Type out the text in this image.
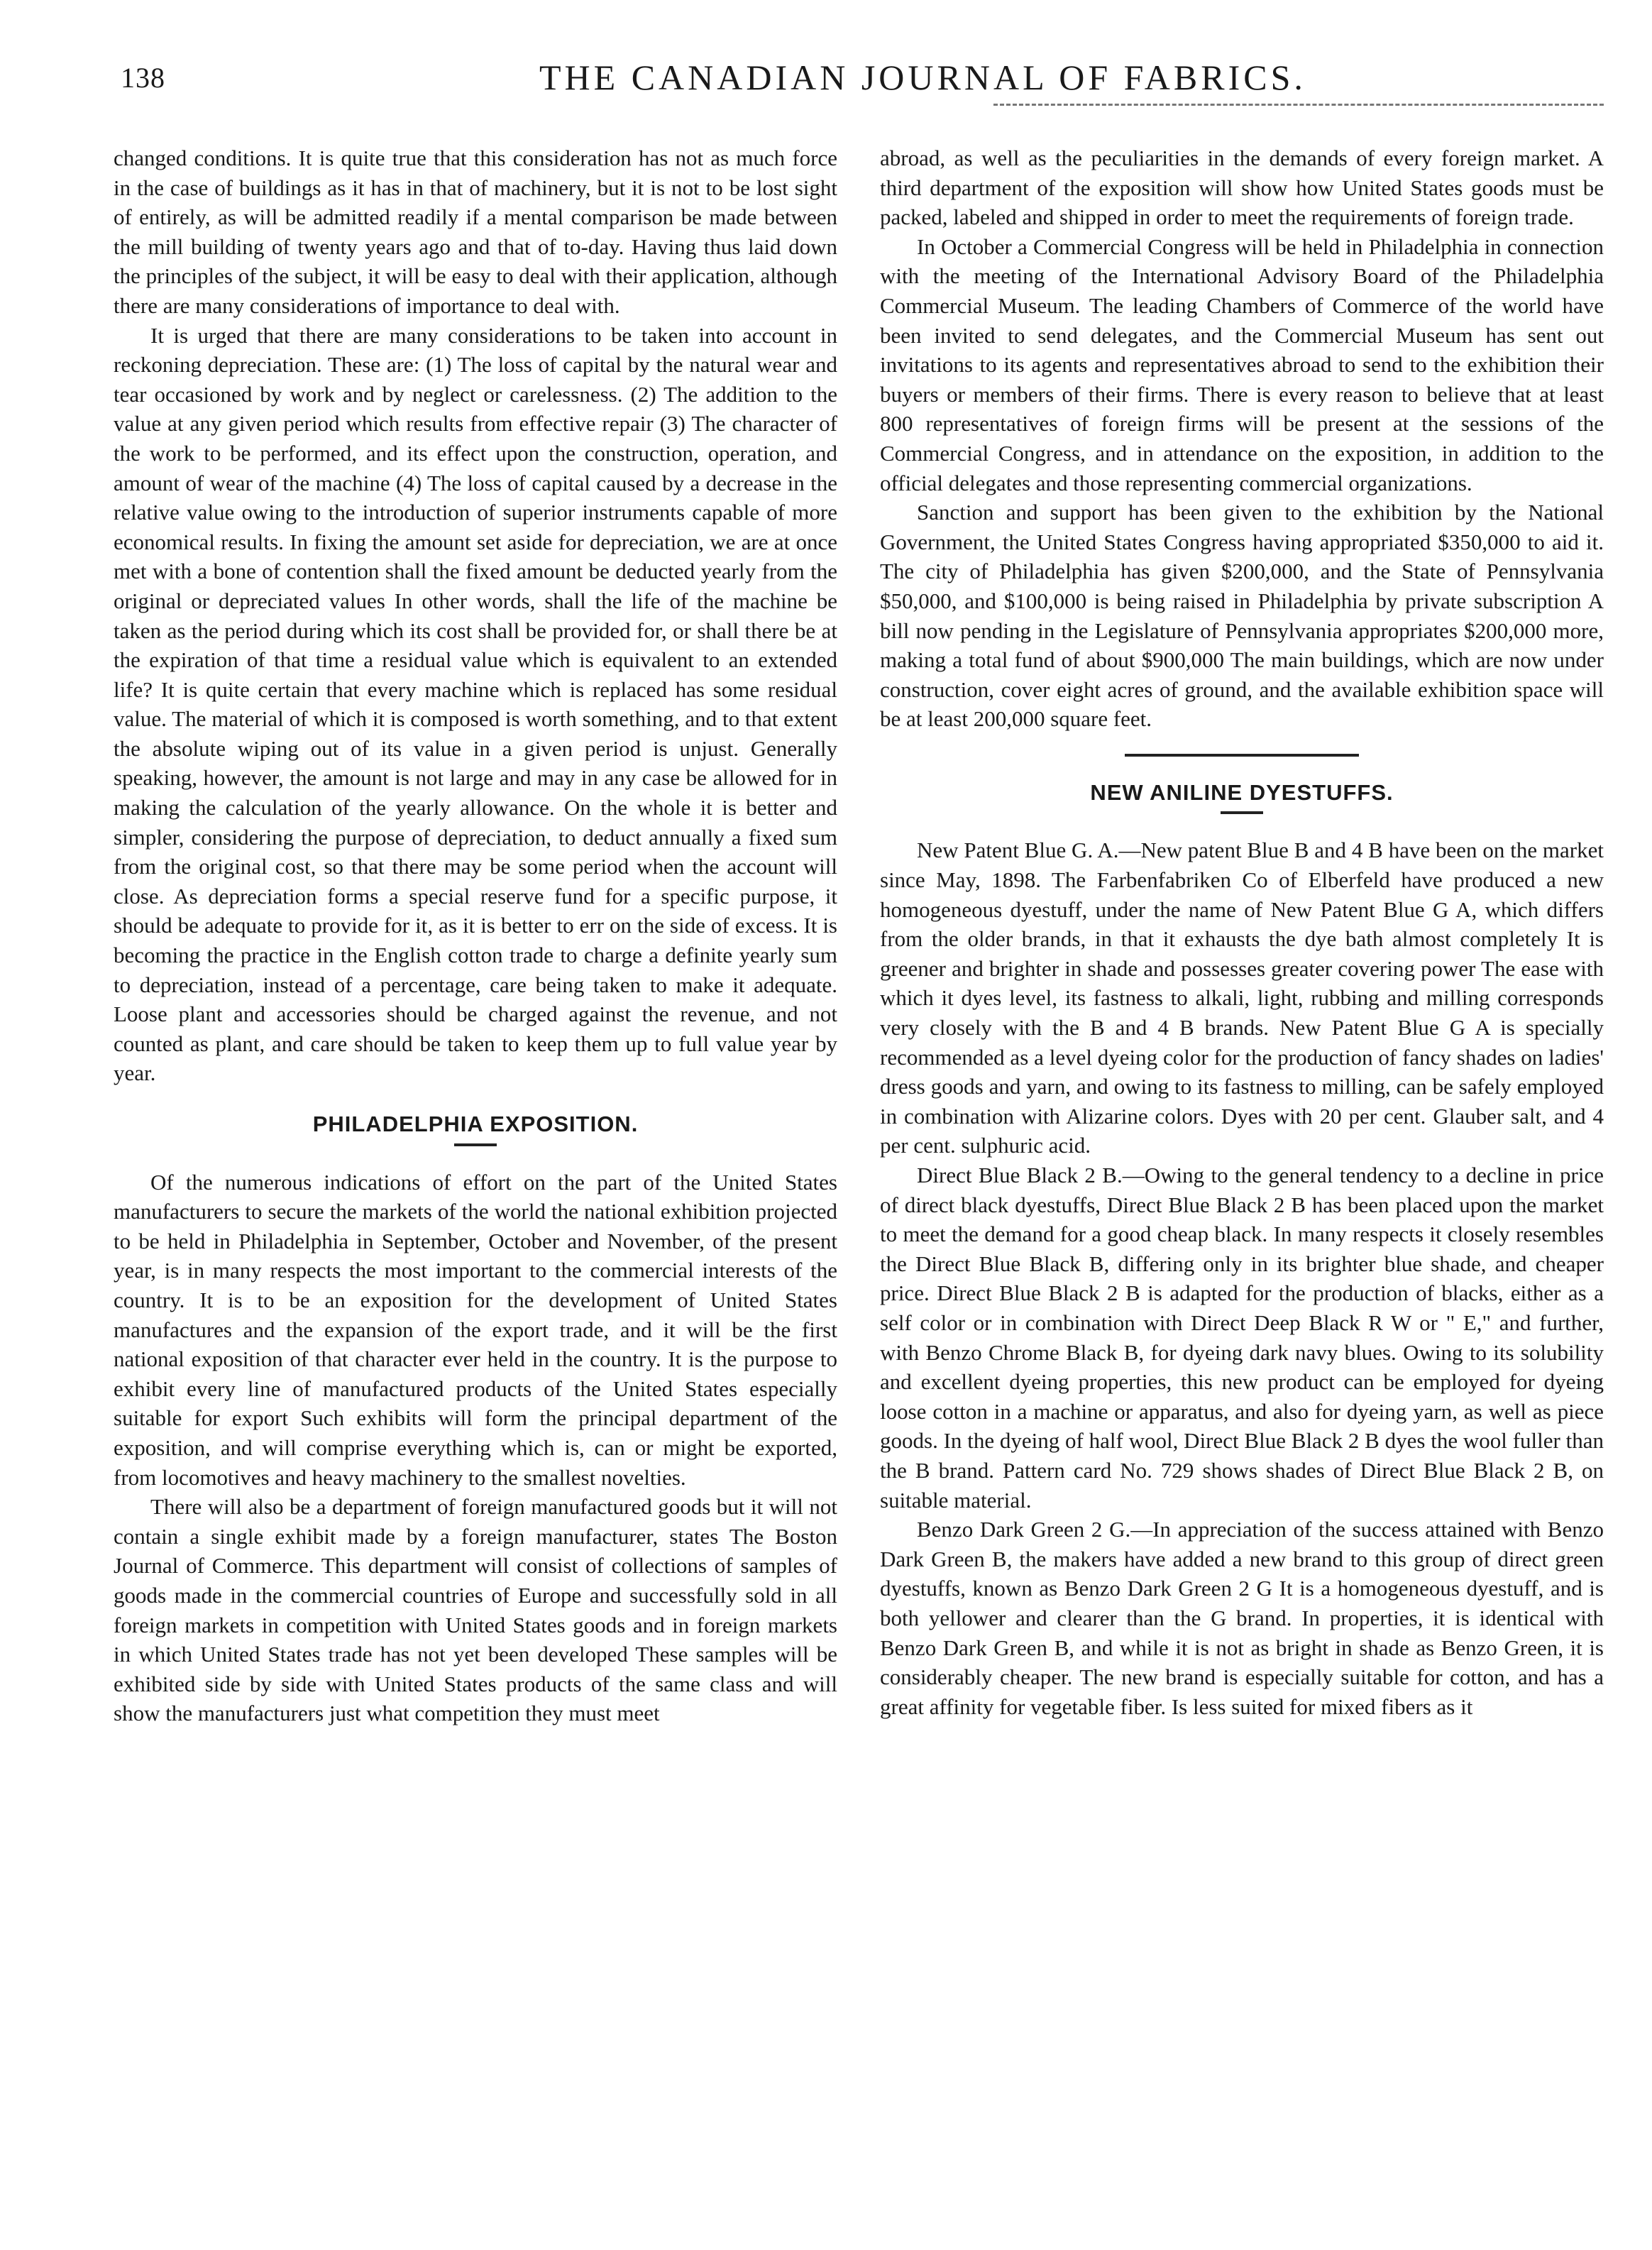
138	THE CANADIAN JOURNAL OF FABRICS.

changed conditions. It is quite true that this consideration has not as much force in the case of buildings as it has in that of machinery, but it is not to be lost sight of entirely, as will be admitted readily if a mental comparison be made between the mill building of twenty years ago and that of to-day. Having thus laid down the principles of the subject, it will be easy to deal with their application, although there are many considerations of importance to deal with.

It is urged that there are many considerations to be taken into account in reckoning depreciation. These are: (1) The loss of capital by the natural wear and tear occasioned by work and by neglect or carelessness. (2) The addition to the value at any given period which results from effective repair (3) The character of the work to be performed, and its effect upon the construction, operation, and amount of wear of the machine (4) The loss of capital caused by a decrease in the relative value owing to the introduction of superior instruments capable of more economical results. In fixing the amount set aside for depreciation, we are at once met with a bone of contention shall the fixed amount be deducted yearly from the original or depreciated values In other words, shall the life of the machine be taken as the period during which its cost shall be provided for, or shall there be at the expiration of that time a residual value which is equivalent to an extended life? It is quite certain that every machine which is replaced has some residual value. The material of which it is composed is worth something, and to that extent the absolute wiping out of its value in a given period is unjust. Generally speaking, however, the amount is not large and may in any case be allowed for in making the calculation of the yearly allowance. On the whole it is better and simpler, considering the purpose of depreciation, to deduct annually a fixed sum from the original cost, so that there may be some period when the account will close. As depreciation forms a special reserve fund for a specific purpose, it should be adequate to provide for it, as it is better to err on the side of excess. It is becoming the practice in the English cotton trade to charge a definite yearly sum to depreciation, instead of a percentage, care being taken to make it adequate. Loose plant and accessories should be charged against the revenue, and not counted as plant, and care should be taken to keep them up to full value year by year.

PHILADELPHIA EXPOSITION.

Of the numerous indications of effort on the part of the United States manufacturers to secure the markets of the world the national exhibition projected to be held in Philadelphia in September, October and November, of the present year, is in many respects the most important to the commercial interests of the country. It is to be an exposition for the development of United States manufactures and the expansion of the export trade, and it will be the first national exposition of that character ever held in the country. It is the purpose to exhibit every line of manufactured products of the United States especially suitable for export Such exhibits will form the principal department of the exposition, and will comprise everything which is, can or might be exported, from locomotives and heavy machinery to the smallest novelties.

There will also be a department of foreign manufactured goods but it will not contain a single exhibit made by a foreign manufacturer, states The Boston Journal of Commerce. This department will consist of collections of samples of goods made in the commercial countries of Europe and successfully sold in all foreign markets in competition with United States goods and in foreign markets in which United States trade has not yet been developed These samples will be exhibited side by side with United States products of the same class and will show the manufacturers just what competition they must meet

abroad, as well as the peculiarities in the demands of every foreign market. A third department of the exposition will show how United States goods must be packed, labeled and shipped in order to meet the requirements of foreign trade.

In October a Commercial Congress will be held in Philadelphia in connection with the meeting of the International Advisory Board of the Philadelphia Commercial Museum. The leading Chambers of Commerce of the world have been invited to send delegates, and the Commercial Museum has sent out invitations to its agents and representatives abroad to send to the exhibition their buyers or members of their firms. There is every reason to believe that at least 800 representatives of foreign firms will be present at the sessions of the Commercial Congress, and in attendance on the exposition, in addition to the official delegates and those representing commercial organizations.

Sanction and support has been given to the exhibition by the National Government, the United States Congress having appropriated $350,000 to aid it. The city of Philadelphia has given $200,000, and the State of Pennsylvania $50,000, and $100,000 is being raised in Philadelphia by private subscription A bill now pending in the Legislature of Pennsylvania appropriates $200,000 more, making a total fund of about $900,000 The main buildings, which are now under construction, cover eight acres of ground, and the available exhibition space will be at least 200,000 square feet.

NEW ANILINE DYESTUFFS.

New Patent Blue G. A.—New patent Blue B and 4 B have been on the market since May, 1898. The Farbenfabriken Co of Elberfeld have produced a new homogeneous dyestuff, under the name of New Patent Blue G A, which differs from the older brands, in that it exhausts the dye bath almost completely It is greener and brighter in shade and possesses greater covering power The ease with which it dyes level, its fastness to alkali, light, rubbing and milling corresponds very closely with the B and 4 B brands. New Patent Blue G A is specially recommended as a level dyeing color for the production of fancy shades on ladies' dress goods and yarn, and owing to its fastness to milling, can be safely employed in combination with Alizarine colors. Dyes with 20 per cent. Glauber salt, and 4 per cent. sulphuric acid.

Direct Blue Black 2 B.—Owing to the general tendency to a decline in price of direct black dyestuffs, Direct Blue Black 2 B has been placed upon the market to meet the demand for a good cheap black. In many respects it closely resembles the Direct Blue Black B, differing only in its brighter blue shade, and cheaper price. Direct Blue Black 2 B is adapted for the production of blacks, either as a self color or in combination with Direct Deep Black R W or " E," and further, with Benzo Chrome Black B, for dyeing dark navy blues. Owing to its solubility and excellent dyeing properties, this new product can be employed for dyeing loose cotton in a machine or apparatus, and also for dyeing yarn, as well as piece goods. In the dyeing of half wool, Direct Blue Black 2 B dyes the wool fuller than the B brand. Pattern card No. 729 shows shades of Direct Blue Black 2 B, on suitable material.

Benzo Dark Green 2 G.—In appreciation of the success attained with Benzo Dark Green B, the makers have added a new brand to this group of direct green dyestuffs, known as Benzo Dark Green 2 G It is a homogeneous dyestuff, and is both yellower and clearer than the G brand. In properties, it is identical with Benzo Dark Green B, and while it is not as bright in shade as Benzo Green, it is considerably cheaper. The new brand is especially suitable for cotton, and has a great affinity for vegetable fiber. Is less suited for mixed fibers as it
